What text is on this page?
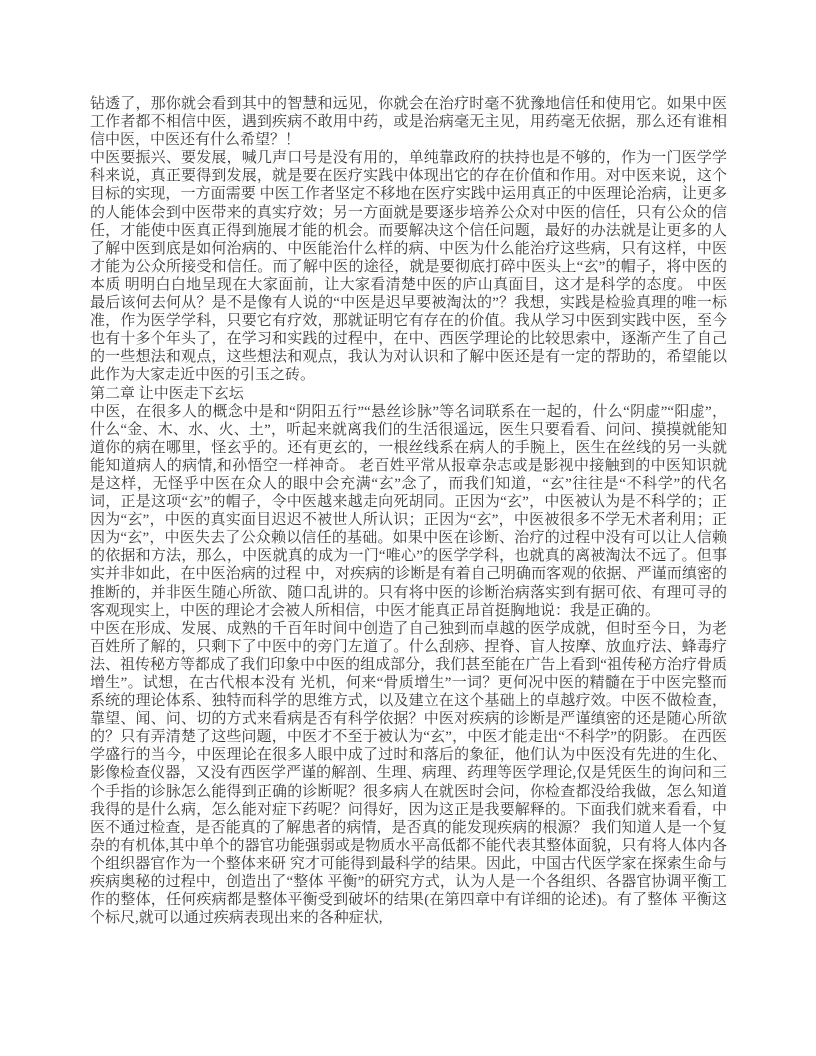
钻透了，那你就会看到其中的智慧和远见，你就会在治疗时毫不犹豫地信任和使用它。如果中医工作者都不相信中医，遇到疾病不敢用中药，或是治病毫无主见，用药毫无依据，那么还有谁相信中医，中医还有什么希望？！

中医要振兴、要发展，喊几声口号是没有用的，单纯靠政府的扶持也是不够的，作为一门医学学科来说，真正要得到发展，就是要在医疗实践中体现出它的存在价值和作用。对中医来说，这个目标的实现，一方面需要 中医工作者坚定不移地在医疗实践中运用真正的中医理论治病，让更多的人能体会到中医带来的真实疗效；另一方面就是要逐步培养公众对中医的信任，只有公众的信任，才能使中医真正得到施展才能的机会。而要解决这个信任问题，最好的办法就是让更多的人了解中医到底是如何治病的、中医能治什么样的病、中医为什么能治疗这些病，只有这样，中医才能为公众所接受和信任。而了解中医的途径，就是要彻底打碎中医头上“玄”的帽子，将中医的本质 明明白白地呈现在大家面前，让大家看清楚中医的庐山真面目，这才是科学的态度。 中医最后该何去何从？是不是像有人说的“中医是迟早要被淘汰的”？我想，实践是检验真理的唯一标准，作为医学学科，只要它有疗效，那就证明它有存在的价值。我从学习中医到实践中医，至今也有十多个年头了，在学习和实践的过程中，在中、西医学理论的比较思索中，逐渐产生了自己的一些想法和观点，这些想法和观点，我认为对认识和了解中医还是有一定的帮助的，希望能以此作为大家走近中医的引玉之砖。

第二章 让中医走下玄坛

中医，在很多人的概念中是和“阴阳五行”“悬丝诊脉”等名词联系在一起的，什么“阴虚”“阳虚”，什么“金、木、水、火、土”，听起来就离我们的生活很遥远，医生只要看看、问问、摸摸就能知道你的病在哪里，怪玄乎的。还有更玄的，一根丝线系在病人的手腕上，医生在丝线的另一头就能知道病人的病情,和孙悟空一样神奇。 老百姓平常从报章杂志或是影视中接触到的中医知识就是这样，无怪乎中医在众人的眼中会充满“玄”念了，而我们知道，“玄”往往是“不科学”的代名词，正是这项“玄”的帽子，令中医越来越走向死胡同。正因为“玄”，中医被认为是不科学的；正因为“玄”，中医的真实面目迟迟不被世人所认识；正因为“玄”，中医被很多不学无术者利用；正因为“玄”，中医失去了公众赖以信任的基础。如果中医在诊断、治疗的过程中没有可以让人信赖的依据和方法，那么，中医就真的成为一门“唯心”的医学学科，也就真的离被淘汰不远了。但事实并非如此，在中医治病的过程 中，对疾病的诊断是有着自己明确而客观的依据、严谨而缜密的推断的，并非医生随心所欲、随口乱讲的。只有将中医的诊断治病落实到有据可依、有理可寻的客观现实上，中医的理论才会被人所相信，中医才能真正昂首挺胸地说：我是正确的。

中医在形成、发展、成熟的千百年时间中创造了自己独到而卓越的医学成就，但时至今日，为老百姓所了解的，只剩下了中医中的旁门左道了。什么刮痧、捏脊、盲人按摩、放血疗法、蜂毒疗法、祖传秘方等都成了我们印象中中医的组成部分，我们甚至能在广告上看到“祖传秘方治疗骨质增生”。试想，在古代根本没有 光机，何来“骨质增生”一词？更何况中医的精髓在于中医完整而系统的理论体系、独特而科学的思维方式，以及建立在这个基础上的卓越疗效。中医不做检查，靠望、闻、问、切的方式来看病是否有科学依据？中医对疾病的诊断是严谨缜密的还是随心所欲的？只有弄清楚了这些问题，中医才不至于被认为“玄”，中医才能走出“不科学”的阴影。 在西医学盛行的当今，中医理论在很多人眼中成了过时和落后的象征，他们认为中医没有先进的生化、影像检查仪器，又没有西医学严谨的解剖、生理、病理、药理等医学理论,仅是凭医生的询问和三个手指的诊脉怎么能得到正确的诊断呢？很多病人在就医时会问，你检查都没给我做，怎么知道我得的是什么病，怎么能对症下药呢？问得好，因为这正是我要解释的。下面我们就来看看，中医不通过检查，是否能真的了解患者的病情，是否真的能发现疾病的根源？ 我们知道人是一个复杂的有机体,其中单个的器官功能强弱或是物质水平高低都不能代表其整体面貌，只有将人体内各个组织器官作为一个整体来研 究才可能得到最科学的结果。因此，中国古代医学家在探索生命与疾病奥秘的过程中，创造出了“整体 平衡”的研究方式，认为人是一个各组织、各器官协调平衡工作的整体，任何疾病都是整体平衡受到破坏的结果(在第四章中有详细的论述)。有了整体 平衡这个标尺,就可以通过疾病表现出来的各种症状,
